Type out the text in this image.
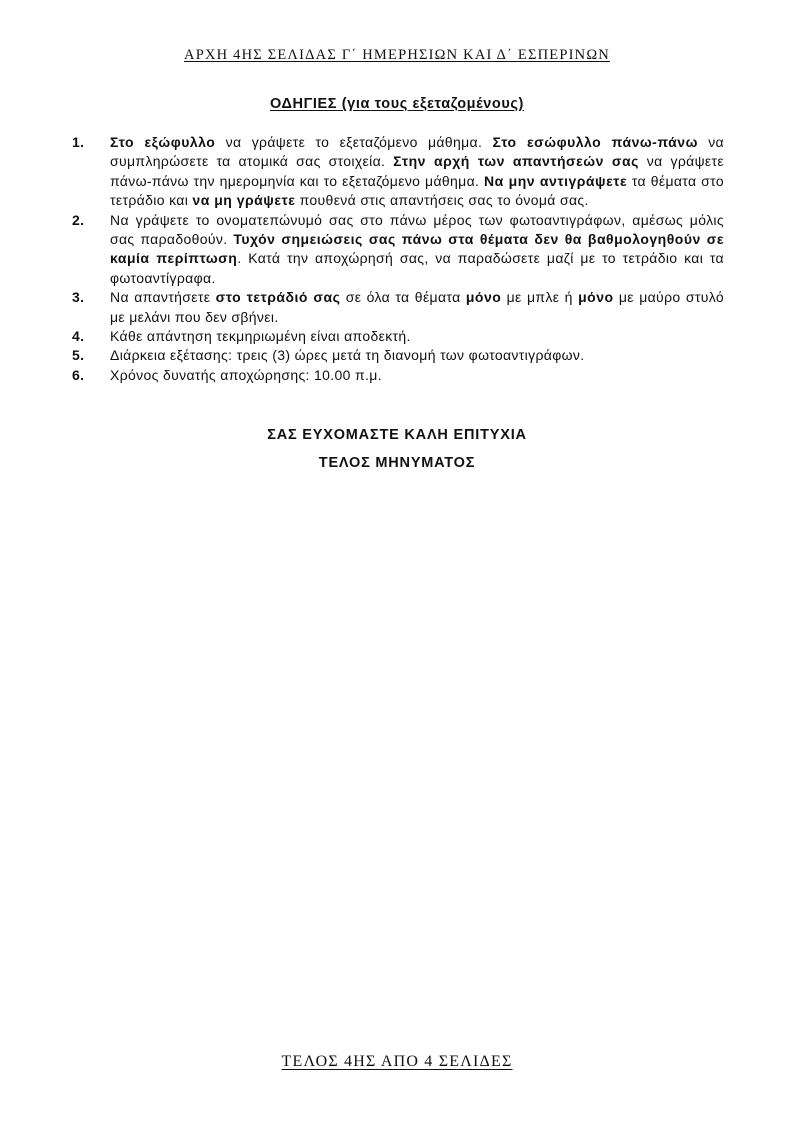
ΑΡΧΗ 4ΗΣ ΣΕΛΙΔΑΣ Γ΄ ΗΜΕΡΗΣΙΩΝ ΚΑΙ Δ΄ ΕΣΠΕΡΙΝΩΝ
ΟΔΗΓΙΕΣ (για τους εξεταζομένους)
1. Στο εξώφυλλο να γράψετε το εξεταζόμενο μάθημα. Στο εσώφυλλο πάνω-πάνω να συμπληρώσετε τα ατομικά σας στοιχεία. Στην αρχή των απαντήσεών σας να γράψετε πάνω-πάνω την ημερομηνία και το εξεταζόμενο μάθημα. Να μην αντιγράψετε τα θέματα στο τετράδιο και να μη γράψετε πουθενά στις απαντήσεις σας το όνομά σας.
2. Να γράψετε το ονοματεπώνυμό σας στο πάνω μέρος των φωτοαντιγράφων, αμέσως μόλις σας παραδοθούν. Τυχόν σημειώσεις σας πάνω στα θέματα δεν θα βαθμολογηθούν σε καμία περίπτωση. Κατά την αποχώρησή σας, να παραδώσετε μαζί με το τετράδιο και τα φωτοαντίγραφα.
3. Να απαντήσετε στο τετράδιό σας σε όλα τα θέματα μόνο με μπλε ή μόνο με μαύρο στυλό με μελάνι που δεν σβήνει.
4. Κάθε απάντηση τεκμηριωμένη είναι αποδεκτή.
5. Διάρκεια εξέτασης: τρεις (3) ώρες μετά τη διανομή των φωτοαντιγράφων.
6. Χρόνος δυνατής αποχώρησης: 10.00 π.μ.
ΣΑΣ ΕΥΧΟΜΑΣΤΕ ΚΑΛΗ ΕΠΙΤΥΧΙΑ
ΤΕΛΟΣ ΜΗΝΥΜΑΤΟΣ
ΤΕΛΟΣ 4ΗΣ ΑΠΟ 4 ΣΕΛΙΔΕΣ
